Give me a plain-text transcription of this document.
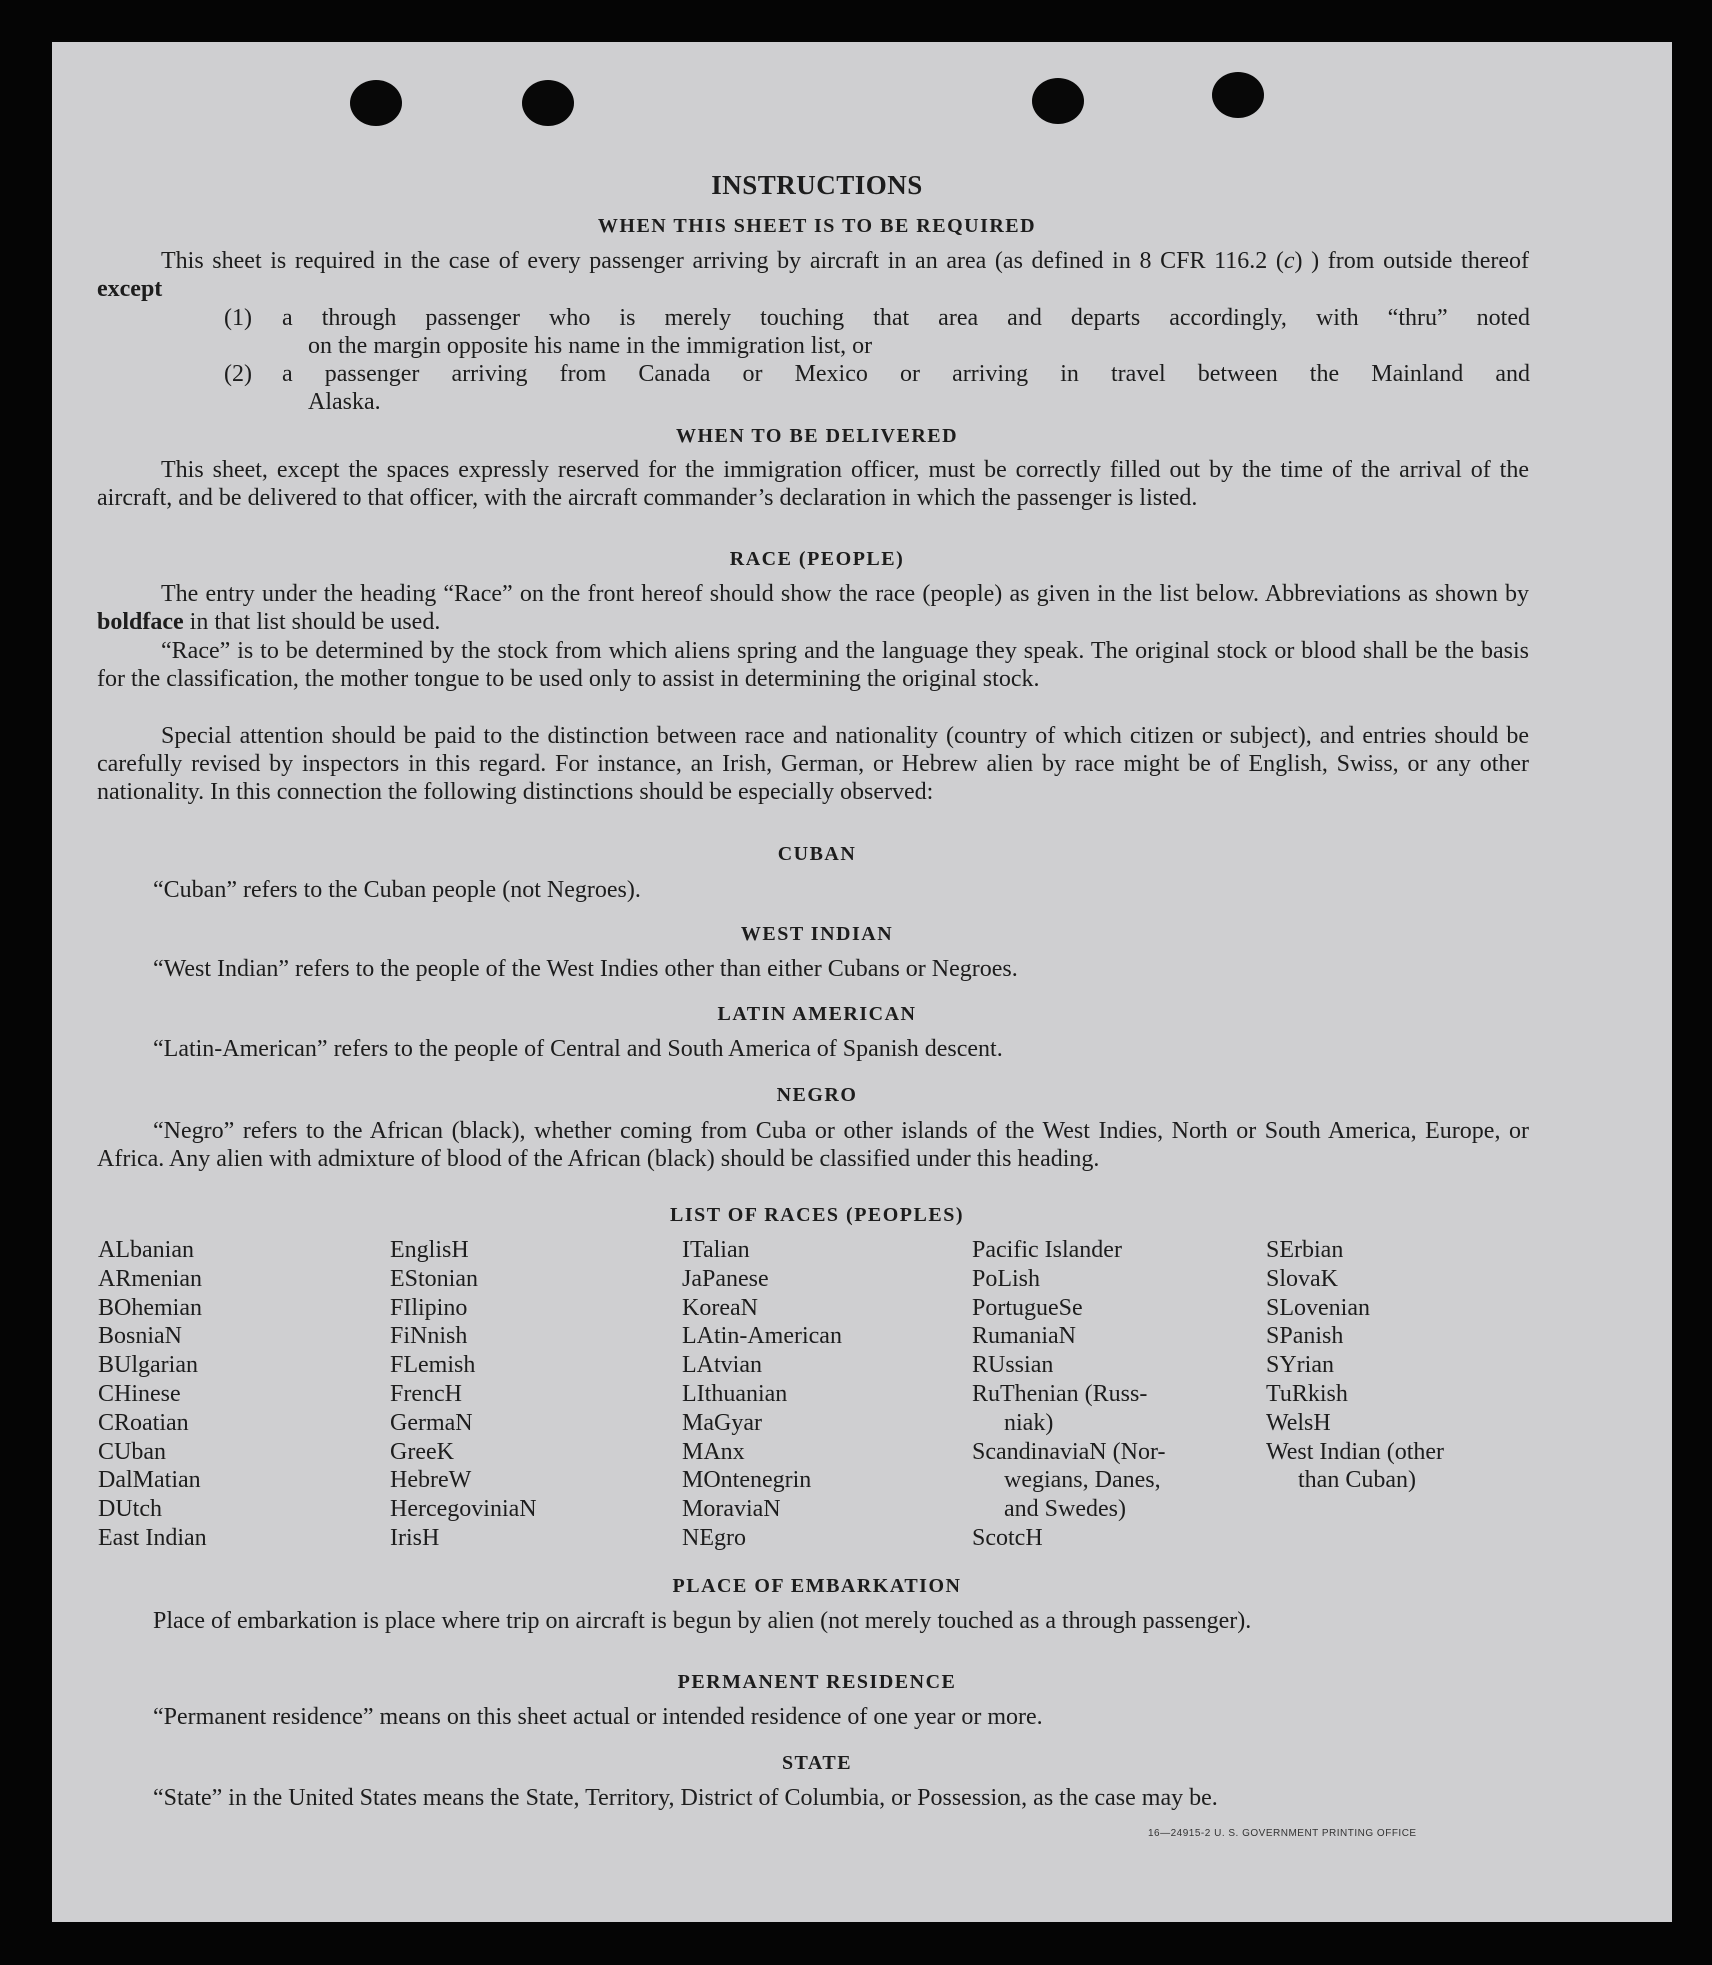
INSTRUCTIONS
WHEN THIS SHEET IS TO BE REQUIRED
This sheet is required in the case of every passenger arriving by aircraft in an area (as defined in 8 CFR 116.2 (c) ) from outside thereof except
(1) a through passenger who is merely touching that area and departs accordingly, with “thru” noted
on the margin opposite his name in the immigration list, or
(2) a passenger arriving from Canada or Mexico or arriving in travel between the Mainland and
Alaska.
WHEN TO BE DELIVERED
This sheet, except the spaces expressly reserved for the immigration officer, must be correctly filled out by the time of the arrival of the aircraft, and be delivered to that officer, with the aircraft commander’s declaration in which the passenger is listed.
RACE (PEOPLE)
The entry under the heading “Race” on the front hereof should show the race (people) as given in the list below. Abbreviations as shown by boldface in that list should be used.
“Race” is to be determined by the stock from which aliens spring and the language they speak. The original stock or blood shall be the basis for the classification, the mother tongue to be used only to assist in determining the original stock.
Special attention should be paid to the distinction between race and nationality (country of which citizen or subject), and entries should be carefully revised by inspectors in this regard. For instance, an Irish, German, or Hebrew alien by race might be of English, Swiss, or any other nationality. In this connection the following distinctions should be especially observed:
CUBAN
“Cuban” refers to the Cuban people (not Negroes).
WEST INDIAN
“West Indian” refers to the people of the West Indies other than either Cubans or Negroes.
LATIN AMERICAN
“Latin-American” refers to the people of Central and South America of Spanish descent.
NEGRO
“Negro” refers to the African (black), whether coming from Cuba or other islands of the West Indies, North or South America, Europe, or Africa. Any alien with admixture of blood of the African (black) should be classified under this heading.
LIST OF RACES (PEOPLES)
ALbanian
ARmenian
BOhemian
BosniaN
BUlgarian
CHinese
CRoatian
CUban
DalMatian
DUtch
East Indian
EnglisH
EStonian
FIlipino
FiNnish
FLemish
FrencH
GermaN
GreeK
HebreW
HercegoviniaN
IrisH
ITalian
JaPanese
KoreaN
LAtin-American
LAtvian
LIthuanian
MaGyar
MAnx
MOntenegrin
MoraviaN
NEgro
Pacific Islander
PoLish
PortugueSe
RumaniaN
RUssian
RuThenian (Russ-
niak)
ScandinaviaN (Nor-
wegians, Danes,
and Swedes)
ScotcH
SErbian
SlovaK
SLovenian
SPanish
SYrian
TuRkish
WelsH
West Indian (other
than Cuban)
PLACE OF EMBARKATION
Place of embarkation is place where trip on aircraft is begun by alien (not merely touched as a through passenger).
PERMANENT RESIDENCE
“Permanent residence” means on this sheet actual or intended residence of one year or more.
STATE
“State” in the United States means the State, Territory, District of Columbia, or Possession, as the case may be.
16—24915-2 U. S. GOVERNMENT PRINTING OFFICE
